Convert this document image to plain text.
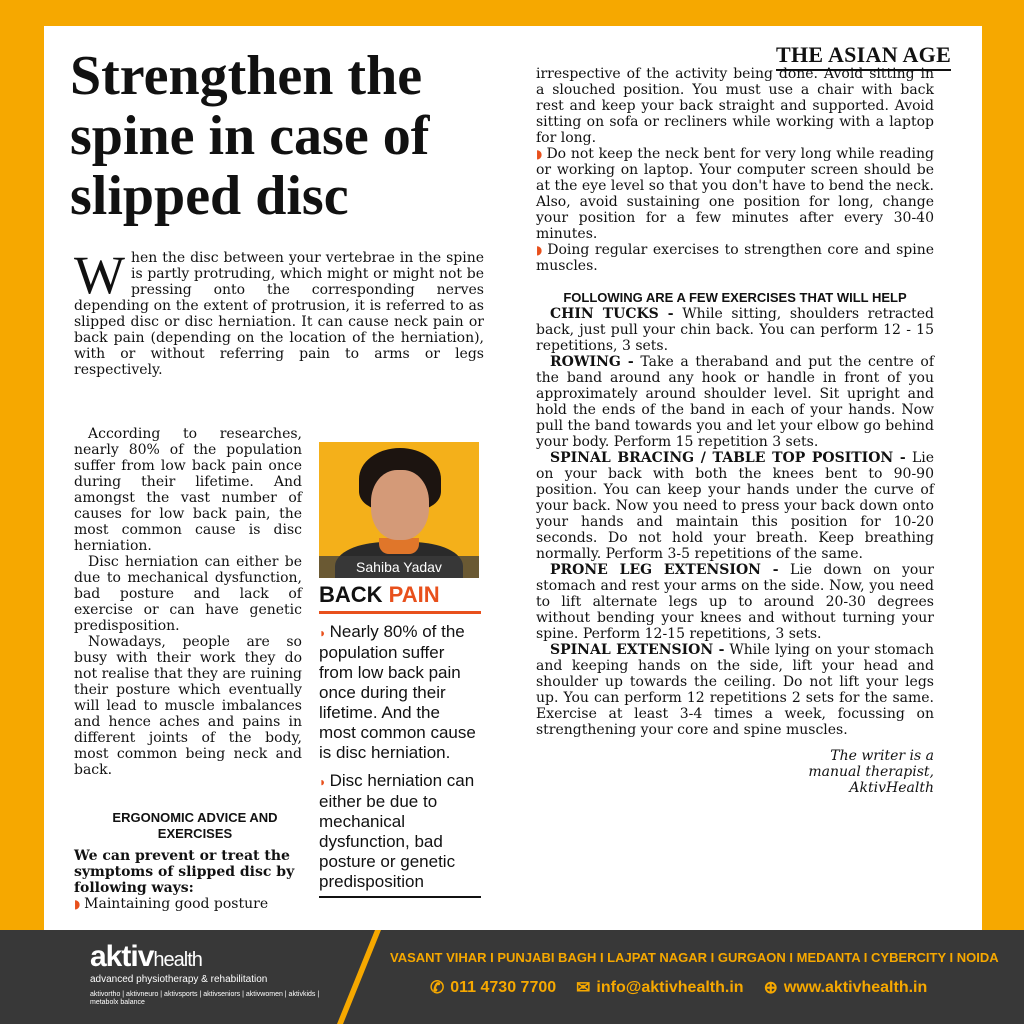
THE ASIAN AGE
Strengthen the spine in case of slipped disc

When the disc between your vertebrae in the spine is partly protruding, which might or might not be pressing onto the corresponding nerves depending on the extent of protrusion, it is referred to as slipped disc or disc herniation. It can cause neck pain or back pain (depending on the location of the herniation), with or without referring pain to arms or legs respectively.

According to researches, nearly 80% of the population suffer from low back pain once during their lifetime. And amongst the vast number of causes for low back pain, the most common cause is disc herniation.

Disc herniation can either be due to mechanical dysfunction, bad posture and lack of exercise or can have genetic predisposition.

Nowadays, people are so busy with their work they do not realise that they are ruining their posture which eventually will lead to muscle imbalances and hence aches and pains in different joints of the body, most common being neck and back.

Sahiba Yadav
BACK PAIN
◗ Nearly 80% of the population suffer from low back pain once during their lifetime. And the most common cause is disc herniation.
◗ Disc herniation can either be due to mechanical dysfunction, bad posture or genetic predisposition
ERGONOMIC ADVICE AND EXERCISES
We can prevent or treat the symptoms of slipped disc by following ways:
◗ Maintaining good posture

irrespective of the activity being done. Avoid sitting in a slouched position. You must use a chair with back rest and keep your back straight and supported. Avoid sitting on sofa or recliners while working with a laptop for long.

◗ Do not keep the neck bent for very long while reading or working on laptop. Your computer screen should be at the eye level so that you don't have to bend the neck. Also, avoid sustaining one position for long, change your position for a few minutes after every 30-40 minutes.

◗ Doing regular exercises to strengthen core and spine muscles.

FOLLOWING ARE A FEW EXERCISES THAT WILL HELP

CHIN TUCKS - While sitting, shoulders retracted back, just pull your chin back. You can perform 12 - 15 repetitions, 3 sets.

ROWING - Take a theraband and put the centre of the band around any hook or handle in front of you approximately around shoulder level. Sit upright and hold the ends of the band in each of your hands. Now pull the band towards you and let your elbow go behind your body. Perform 15 repetition 3 sets.

SPINAL BRACING / TABLE TOP POSITION - Lie on your back with both the knees bent to 90-90 position. You can keep your hands under the curve of your back. Now you need to press your back down onto your hands and maintain this position for 10-20 seconds. Do not hold your breath. Keep breathing normally. Perform 3-5 repetitions of the same.

PRONE LEG EXTENSION - Lie down on your stomach and rest your arms on the side. Now, you need to lift alternate legs up to around 20-30 degrees without bending your knees and without turning your spine. Perform 12-15 repetitions, 3 sets.

SPINAL EXTENSION - While lying on your stomach and keeping hands on the side, lift your head and shoulder up towards the ceiling. Do not lift your legs up. You can perform 12 repetitions 2 sets for the same. Exercise at least 3-4 times a week, focussing on strengthening your core and spine muscles.

The writer is a
manual therapist,
AktivHealth
aktivhealth
advanced physiotherapy & rehabilitation
aktivortho | aktivneuro | aktivsports | aktivseniors | aktivwomen | aktivkids | metabolx balance
VASANT VIHAR I PUNJABI BAGH I LAJPAT NAGAR I GURGAON I MEDANTA I CYBERCITY I NOIDA
✆ 011 4730 7700 ✉ info@aktivhealth.in ⊕ www.aktivhealth.in
